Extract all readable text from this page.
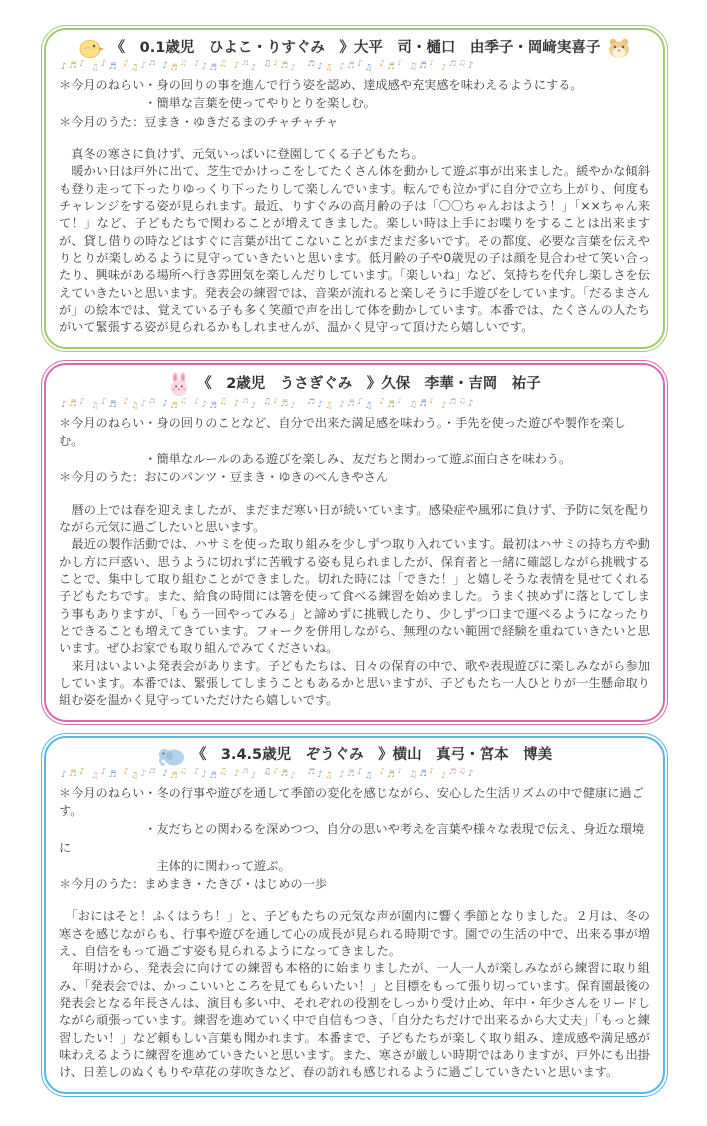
《　0.1歳児　ひよこ・りすぐみ　》大平　司・樋口　由季子・岡﨑実喜子
♪♬♪ ♫♪♬ ♪♫♪♬ ♪♬♫ ♪♪♬♫ ♪♬♪ ♫♪♬♪ ♬♪♫ ♪♬♪♫ ♪♬♪ ♫♬♪ ♪♬♫♪
＊今月のねらい・身の回りの事を進んで行う姿を認め、達成感や充実感を味わえるようにする。
　　　　　　　・簡単な言葉を使ってやりとりを楽しむ。
＊今月のうた：豆まき・ゆきだるまのチャチャチャ

　真冬の寒さに負けず、元気いっぱいに登園してくる子どもたち。

　暖かい日は戸外に出て、芝生でかけっこをしてたくさん体を動かして遊ぶ事が出来ました。緩やかな傾斜も登り走って下ったりゆっくり下ったりして楽しんでいます。転んでも泣かずに自分で立ち上がり、何度もチャレンジをする姿が見られます。最近、りすぐみの高月齢の子は「〇〇ちゃんおはよう！」「××ちゃん来て！」など、子どもたちで関わることが増えてきました。楽しい時は上手にお喋りをすることは出来ますが、貸し借りの時などはすぐに言葉が出てこないことがまだまだ多いです。その都度、必要な言葉を伝えやりとりが楽しめるように見守っていきたいと思います。低月齢の子や0歳児の子は顔を見合わせて笑い合ったり、興味がある場所へ行き雰囲気を楽しんだりしています。「楽しいね」など、気持ちを代弁し楽しさを伝えていきたいと思います。発表会の練習では、音楽が流れると楽しそうに手遊びをしています。「だるまさんが」の絵本では、覚えている子も多く笑顔で声を出して体を動かしています。本番では、たくさんの人たちがいて緊張する姿が見られるかもしれませんが、温かく見守って頂けたら嬉しいです。

《　2歳児　うさぎぐみ　》久保　李華・吉岡　祐子
♪♬♪ ♫♪♬ ♪♫♪♬ ♪♬♫ ♪♪♬♫ ♪♬♪ ♫♪♬♪ ♬♪♫ ♪♬♪♫ ♪♬♪ ♫♬♪ ♪♬♫♪
＊今月のねらい・身の回りのことなど、自分で出来た満足感を味わう。・手先を使った遊びや製作を楽しむ。
　　　　　　　・簡単なルールのある遊びを楽しみ、友だちと関わって遊ぶ面白さを味わう。
＊今月のうた：おにのパンツ・豆まき・ゆきのぺんきやさん

　暦の上では春を迎えましたが、まだまだ寒い日が続いています。感染症や風邪に負けず、予防に気を配りながら元気に過ごしたいと思います。

　最近の製作活動では、ハサミを使った取り組みを少しずつ取り入れています。最初はハサミの持ち方や動かし方に戸惑い、思うように切れずに苦戦する姿も見られましたが、保育者と一緒に確認しながら挑戦することで、集中して取り組むことができました。切れた時には「できた！」と嬉しそうな表情を見せてくれる子どもたちです。また、給食の時間には箸を使って食べる練習を始めました。うまく挟めずに落としてしまう事もありますが、「もう一回やってみる」と諦めずに挑戦したり、少しずつ口まで運べるようになったりとできることも増えてきています。フォークを併用しながら、無理のない範囲で経験を重ねていきたいと思います。ぜひお家でも取り組んでみてくださいね。

　来月はいよいよ発表会があります。子どもたちは、日々の保育の中で、歌や表現遊びに楽しみながら参加しています。本番では、緊張してしまうこともあるかと思いますが、子どもたち一人ひとりが一生懸命取り組む姿を温かく見守っていただけたら嬉しいです。

《　3.4.5歳児　ぞうぐみ　》横山　真弓・宮本　博美
♪♬♪ ♫♪♬ ♪♫♪♬ ♪♬♫ ♪♪♬♫ ♪♬♪ ♫♪♬♪ ♬♪♫ ♪♬♪♫ ♪♬♪ ♫♬♪ ♪♬♫♪
＊今月のねらい・冬の行事や遊びを通して季節の変化を感じながら、安心した生活リズムの中で健康に過ごす。
　　　　　　　・友だちとの関わるを深めつつ、自分の思いや考えを言葉や様々な表現で伝え、身近な環境に
　　　　　　　　主体的に関わって遊ぶ。
＊今月のうた：まめまき・たきび・はじめの一歩

　「おにはそと！ふくはうち！」と、子どもたちの元気な声が園内に響く季節となりました。２月は、冬の寒さを感じながらも、行事や遊びを通して心の成長が見られる時期です。園での生活の中で、出来る事が増え、自信をもって過ごす姿も見られるようになってきました。

　年明けから、発表会に向けての練習も本格的に始まりましたが、一人一人が楽しみながら練習に取り組み、「発表会では、かっこいいところを見てもらいたい！」と目標をもって張り切っています。保育園最後の発表会となる年長さんは、演目も多い中、それぞれの役割をしっかり受け止め、年中・年少さんをリードしながら頑張っています。練習を進めていく中で自信もつき、「自分たちだけで出来るから大丈夫」「もっと練習したい！」など頼もしい言葉も聞かれます。本番まで、子どもたちが楽しく取り組み、達成感や満足感が味わえるように練習を進めていきたいと思います。また、寒さが厳しい時期ではありますが、戸外にも出掛け、日差しのぬくもりや草花の芽吹きなど、春の訪れも感じれるように過ごしていきたいと思います。
